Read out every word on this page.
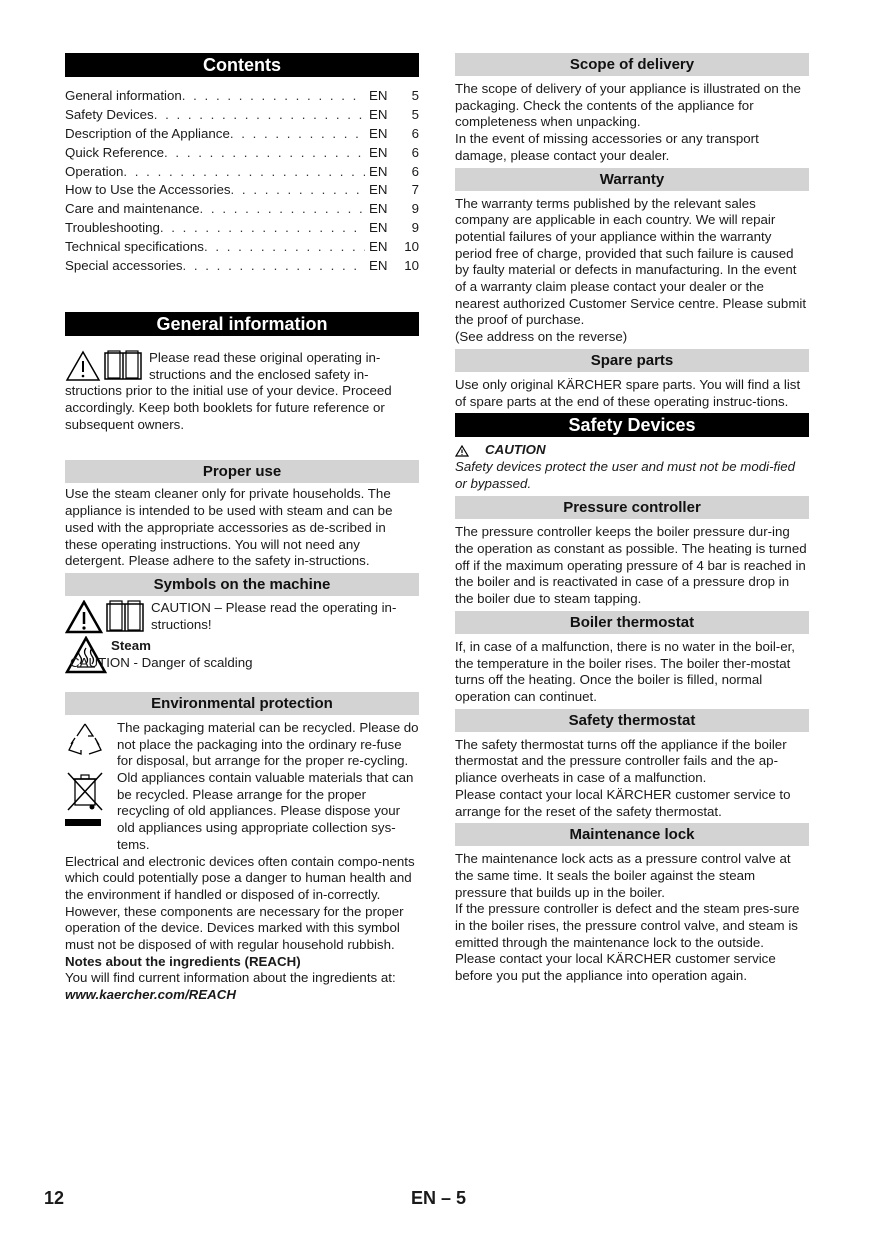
Contents
General information . . .	EN	5
Safety Devices . . .	EN	5
Description of the Appliance . . .	EN	6
Quick Reference . . .	EN	6
Operation . . .	EN	6
How to Use the Accessories . . .	EN	7
Care and maintenance . . .	EN	9
Troubleshooting . . .	EN	9
Technical specifications . . .	EN	10
Special accessories . . .	EN	10
General information

Please read these original operating in-structions and the enclosed safety in-

structions prior to the initial use of your device. Proceed accordingly. Keep both booklets for future reference or subsequent owners.

Proper use

Use the steam cleaner only for private households. The appliance is intended to be used with steam and can be used with the appropriate accessories as de-scribed in these operating instructions. You will not need any detergent. Please adhere to the safety in-structions.

Symbols on the machine

CAUTION – Please read the operating in-structions!

Steam

CAUTION - Danger of scalding

Environmental protection

The packaging material can be recycled. Please do not place the packaging into the ordinary re-fuse for disposal, but arrange for the proper re-cycling.

Old appliances contain valuable materials that can be recycled. Please arrange for the proper recycling of old appliances. Please dispose your old appliances using appropriate collection sys-tems.

Electrical and electronic devices often contain compo-nents which could potentially pose a danger to human health and the environment if handled or disposed of in-correctly. However, these components are necessary for the proper operation of the device. Devices marked with this symbol must not be disposed of with regular household rubbish.

Notes about the ingredients (REACH)

You will find current information about the ingredients at:

www.kaercher.com/REACH

Scope of delivery

The scope of delivery of your appliance is illustrated on the packaging. Check the contents of the appliance for completeness when unpacking.

In the event of missing accessories or any transport damage, please contact your dealer.

Warranty

The warranty terms published by the relevant sales company are applicable in each country. We will repair potential failures of your appliance within the warranty period free of charge, provided that such failure is caused by faulty material or defects in manufacturing. In the event of a warranty claim please contact your dealer or the nearest authorized Customer Service centre. Please submit the proof of purchase.

(See address on the reverse)

Spare parts

Use only original KÄRCHER spare parts. You will find a list of spare parts at the end of these operating instruc-tions.

Safety Devices

CAUTION

Safety devices protect the user and must not be modi-fied or bypassed.

Pressure controller

The pressure controller keeps the boiler pressure dur-ing the operation as constant as possible. The heating is turned off if the maximum operating pressure of 4 bar is reached in the boiler and is reactivated in case of a pressure drop in the boiler due to steam tapping.

Boiler thermostat

If, in case of a malfunction, there is no water in the boil-er, the temperature in the boiler rises. The boiler ther-mostat turns off the heating. Once the boiler is filled, normal operation can continuet.

Safety thermostat

The safety thermostat turns off the appliance if the boiler thermostat and the pressure controller fails and the ap-pliance overheats in case of a malfunction.

Please contact your local KÄRCHER customer service to arrange for the reset of the safety thermostat.

Maintenance lock

The maintenance lock acts as a pressure control valve at the same time. It seals the boiler against the steam pressure that builds up in the boiler.

If the pressure controller is defect and the steam pres-sure in the boiler rises, the pressure control valve, and steam is emitted through the maintenance lock to the outside.

Please contact your local KÄRCHER customer service before you put the appliance into operation again.

12	EN – 5
